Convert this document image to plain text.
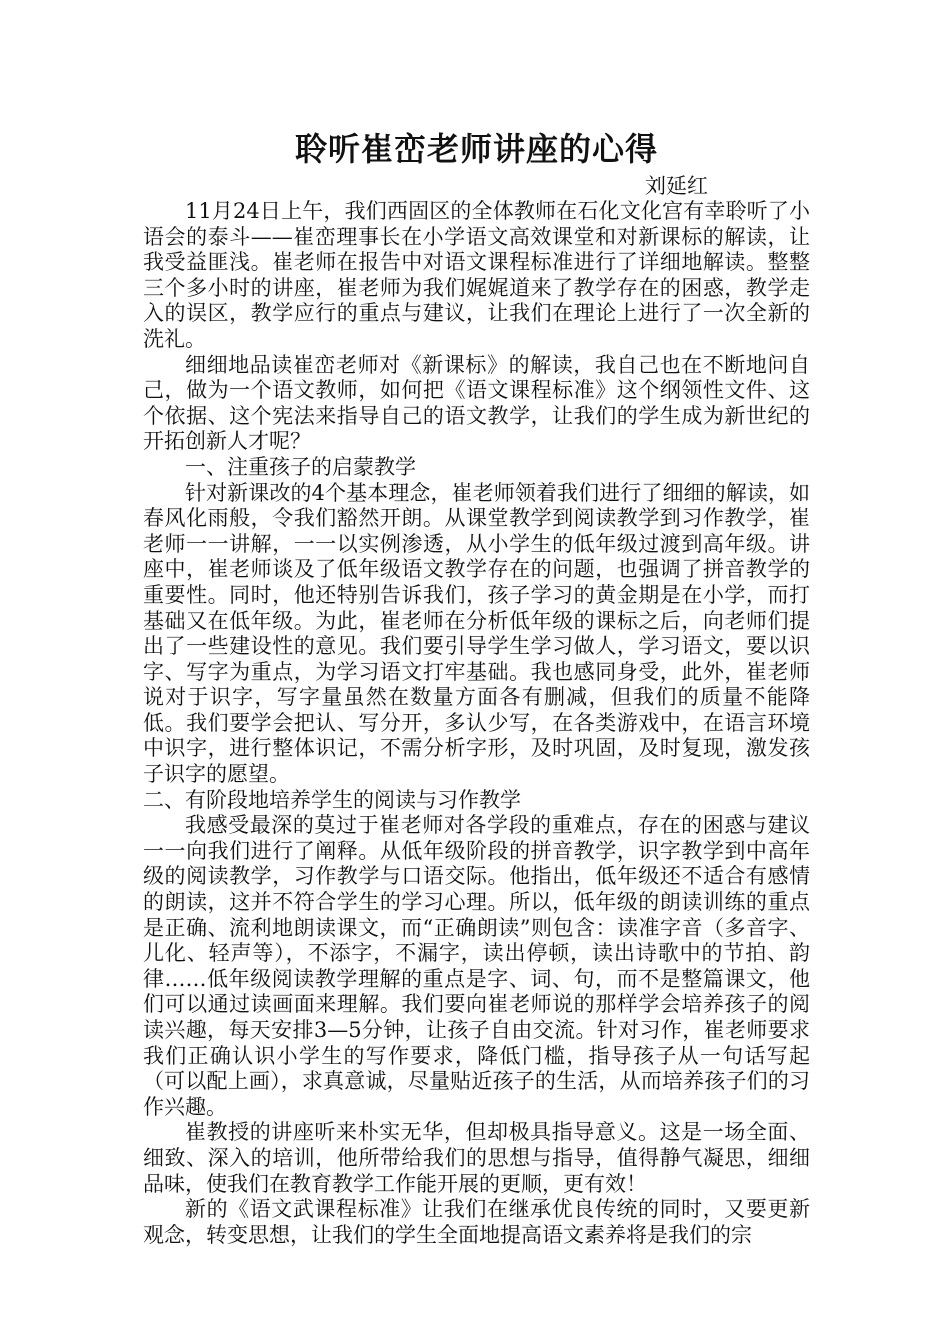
聆听崔峦老师讲座的心得

刘延红

11月24日上午，我们西固区的全体教师在石化文化宫有幸聆听了小语会的泰斗——崔峦理事长在小学语文高效课堂和对新课标的解读，让我受益匪浅。崔老师在报告中对语文课程标准进行了详细地解读。整整三个多小时的讲座，崔老师为我们娓娓道来了教学存在的困惑，教学走入的误区，教学应行的重点与建议，让我们在理论上进行了一次全新的洗礼。

细细地品读崔峦老师对《新课标》的解读，我自己也在不断地问自己，做为一个语文教师，如何把《语文课程标准》这个纲领性文件、这个依据、这个宪法来指导自己的语文教学，让我们的学生成为新世纪的开拓创新人才呢？

一、注重孩子的启蒙教学

针对新课改的4个基本理念，崔老师领着我们进行了细细的解读，如春风化雨般，令我们豁然开朗。从课堂教学到阅读教学到习作教学，崔老师一一讲解，一一以实例渗透，从小学生的低年级过渡到高年级。讲座中，崔老师谈及了低年级语文教学存在的问题，也强调了拼音教学的重要性。同时，他还特别告诉我们，孩子学习的黄金期是在小学，而打基础又在低年级。为此，崔老师在分析低年级的课标之后，向老师们提出了一些建设性的意见。我们要引导学生学习做人，学习语文，要以识字、写字为重点，为学习语文打牢基础。我也感同身受，此外，崔老师说对于识字，写字量虽然在数量方面各有删减，但我们的质量不能降低。我们要学会把认、写分开，多认少写，在各类游戏中，在语言环境中识字，进行整体识记，不需分析字形，及时巩固，及时复现，激发孩子识字的愿望。

二、有阶段地培养学生的阅读与习作教学

我感受最深的莫过于崔老师对各学段的重难点，存在的困惑与建议一一向我们进行了阐释。从低年级阶段的拼音教学，识字教学到中高年级的阅读教学，习作教学与口语交际。他指出，低年级还不适合有感情的朗读，这并不符合学生的学习心理。所以，低年级的朗读训练的重点是正确、流利地朗读课文，而“正确朗读”则包含：读准字音（多音字、儿化、轻声等），不添字，不漏字，读出停顿，读出诗歌中的节拍、韵律……低年级阅读教学理解的重点是字、词、句，而不是整篇课文，他们可以通过读画面来理解。我们要向崔老师说的那样学会培养孩子的阅读兴趣，每天安排3—5分钟，让孩子自由交流。针对习作，崔老师要求我们正确认识小学生的写作要求，降低门槛，指导孩子从一句话写起（可以配上画），求真意诚，尽量贴近孩子的生活，从而培养孩子们的习作兴趣。

崔教授的讲座听来朴实无华，但却极具指导意义。这是一场全面、细致、深入的培训，他所带给我们的思想与指导，值得静气凝思，细细品味，使我们在教育教学工作能开展的更顺，更有效！

新的《语文武课程标准》让我们在继承优良传统的同时，又要更新观念，转变思想，让我们的学生全面地提高语文素养将是我们的宗
